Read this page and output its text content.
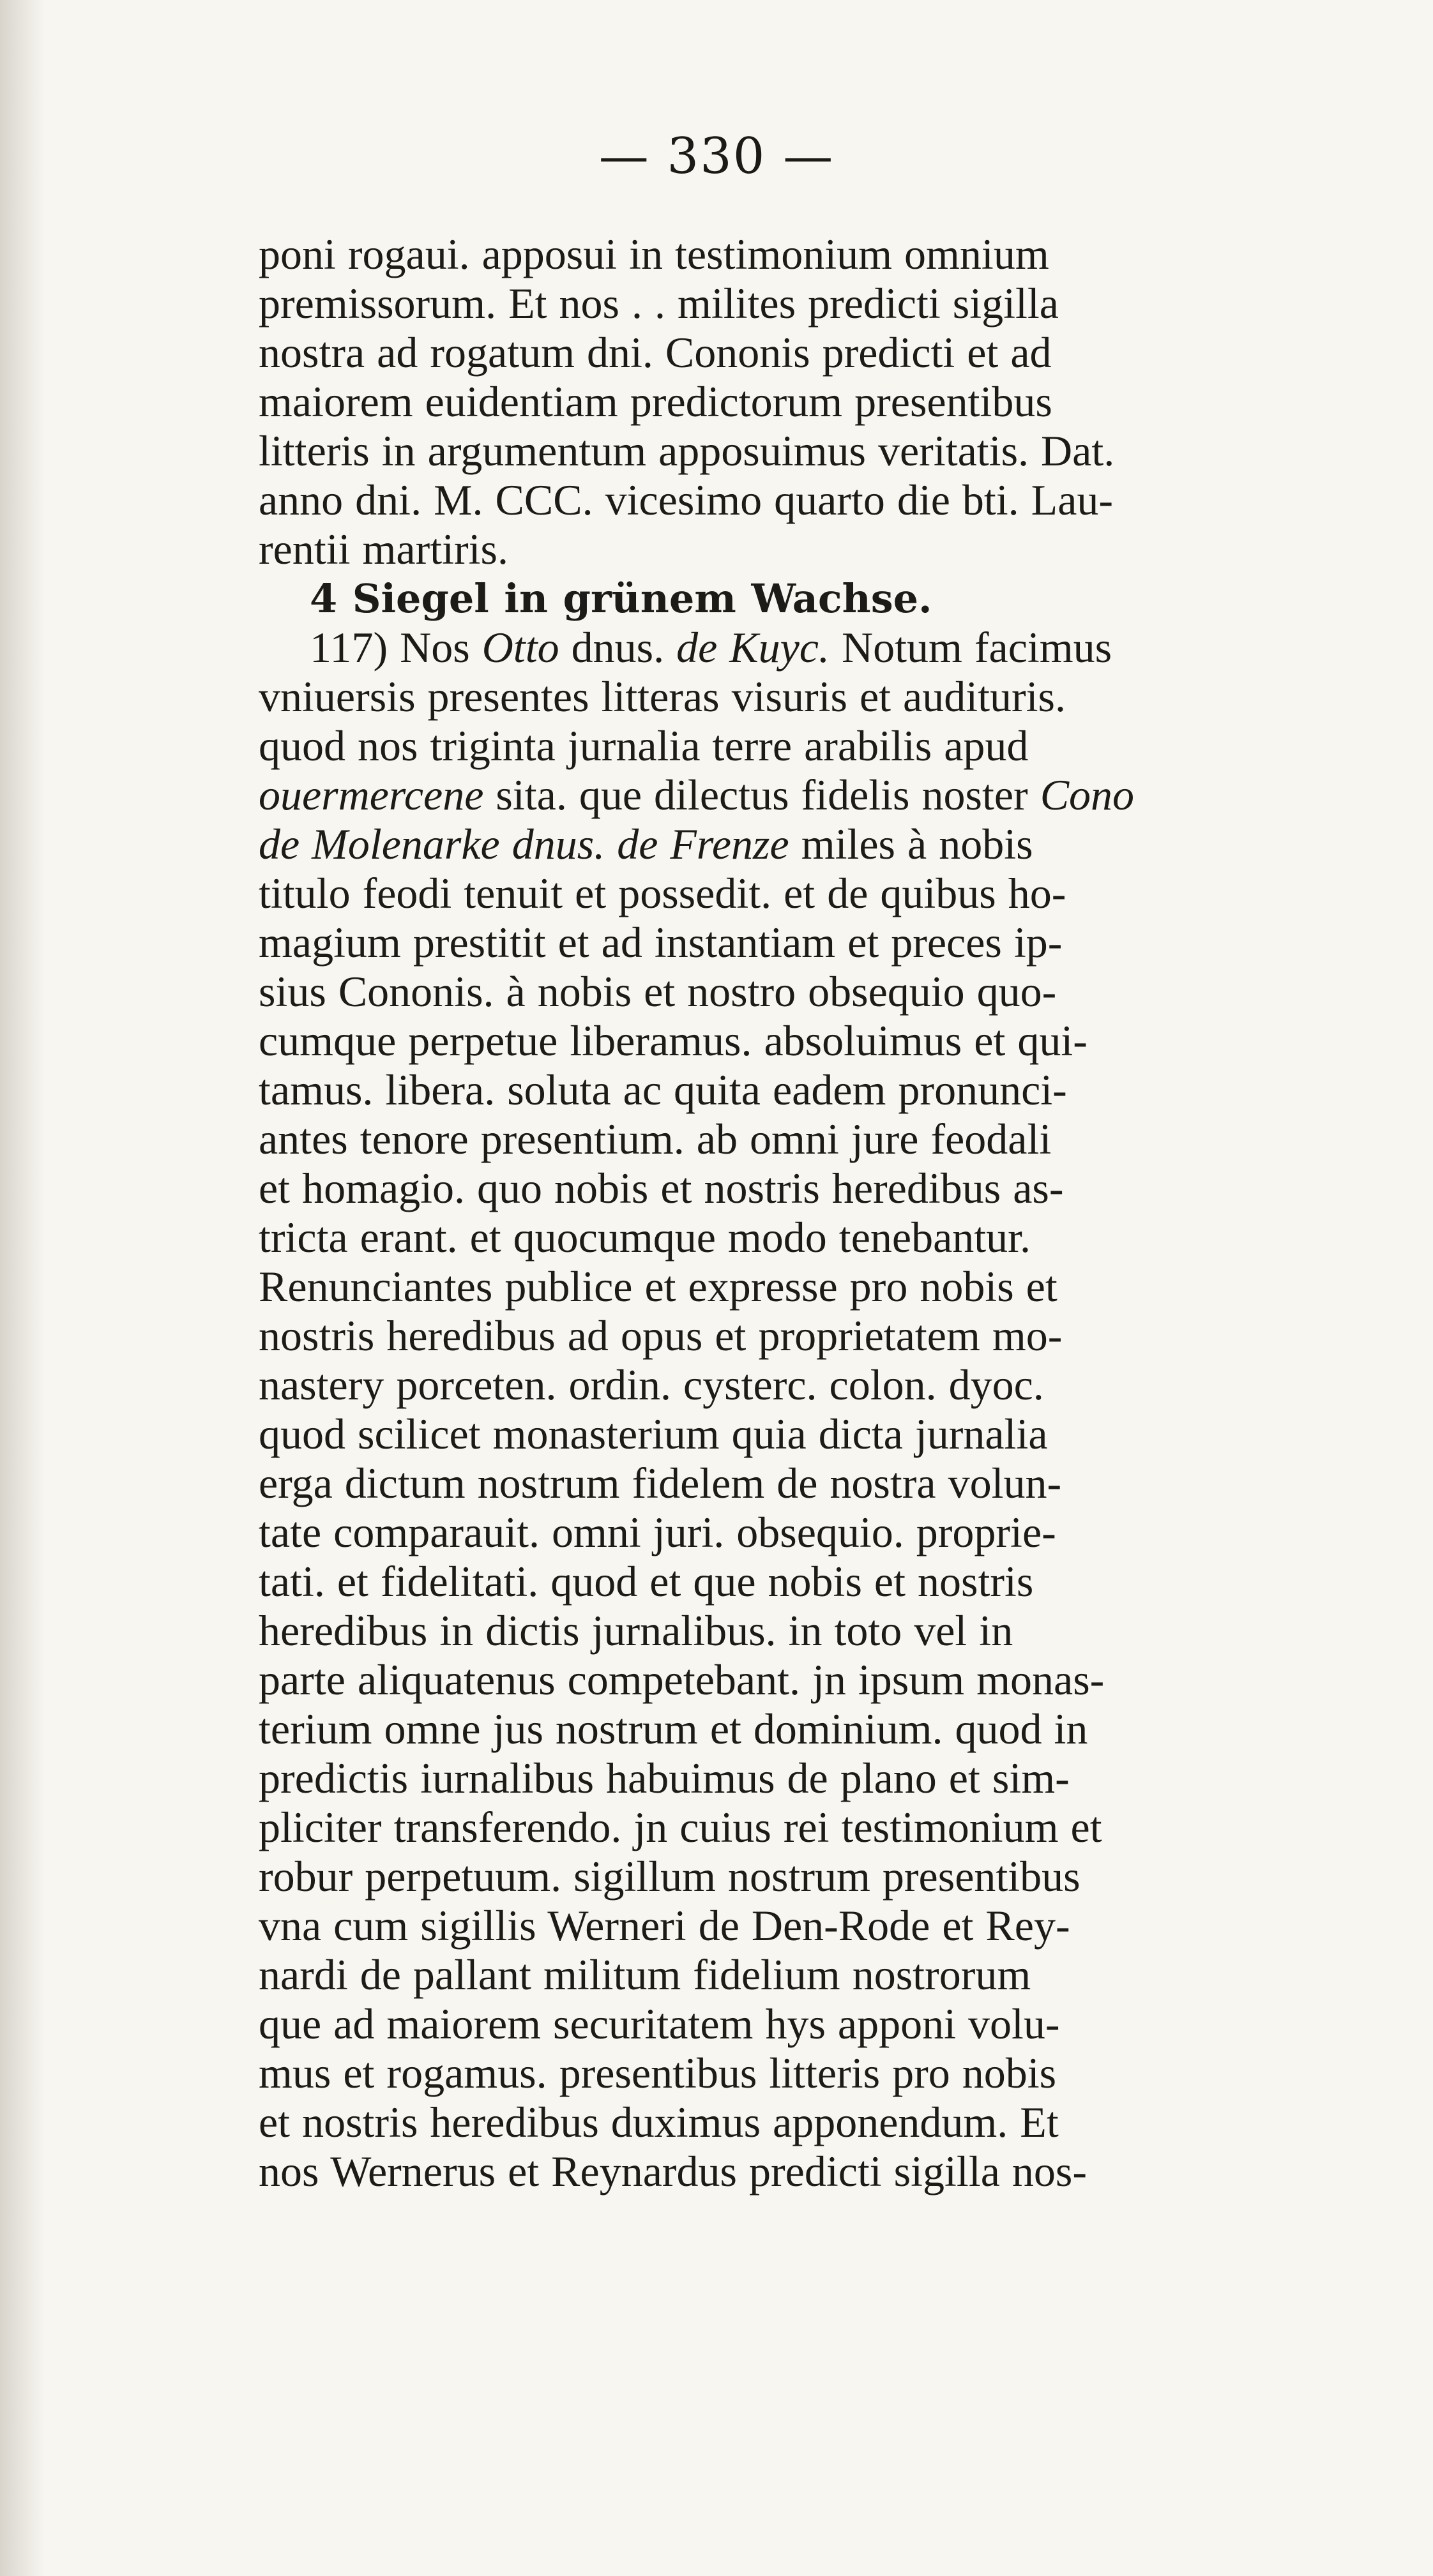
— 330 —

poni rogaui. apposui in testimonium omnium

premissorum. Et nos . . milites predicti sigilla

nostra ad rogatum dni. Cononis predicti et ad

maiorem euidentiam predictorum presentibus

litteris in argumentum apposuimus veritatis. Dat.

anno dni. M. CCC. vicesimo quarto die bti. Lau-

rentii martiris.

4 Siegel in grünem Wachse.

117) Nos Otto dnus. de Kuyc. Notum facimus

vniuersis presentes litteras visuris et audituris.

quod nos triginta jurnalia terre arabilis apud

ouermercene sita. que dilectus fidelis noster Cono

de Molenarke dnus. de Frenze miles à nobis

titulo feodi tenuit et possedit. et de quibus ho-

magium prestitit et ad instantiam et preces ip-

sius Cononis. à nobis et nostro obsequio quo-

cumque perpetue liberamus. absoluimus et qui-

tamus. libera. soluta ac quita eadem pronunci-

antes tenore presentium. ab omni jure feodali

et homagio. quo nobis et nostris heredibus as-

tricta erant. et quocumque modo tenebantur.

Renunciantes publice et expresse pro nobis et

nostris heredibus ad opus et proprietatem mo-

nastery porceten. ordin. cysterc. colon. dyoc.

quod scilicet monasterium quia dicta jurnalia

erga dictum nostrum fidelem de nostra volun-

tate comparauit. omni juri. obsequio. proprie-

tati. et fidelitati. quod et que nobis et nostris

heredibus in dictis jurnalibus. in toto vel in

parte aliquatenus competebant. jn ipsum monas-

terium omne jus nostrum et dominium. quod in

predictis iurnalibus habuimus de plano et sim-

pliciter transferendo. jn cuius rei testimonium et

robur perpetuum. sigillum nostrum presentibus

vna cum sigillis Werneri de Den-Rode et Rey-

nardi de pallant militum fidelium nostrorum

que ad maiorem securitatem hys apponi volu-

mus et rogamus. presentibus litteris pro nobis

et nostris heredibus duximus apponendum. Et

nos Wernerus et Reynardus predicti sigilla nos-
